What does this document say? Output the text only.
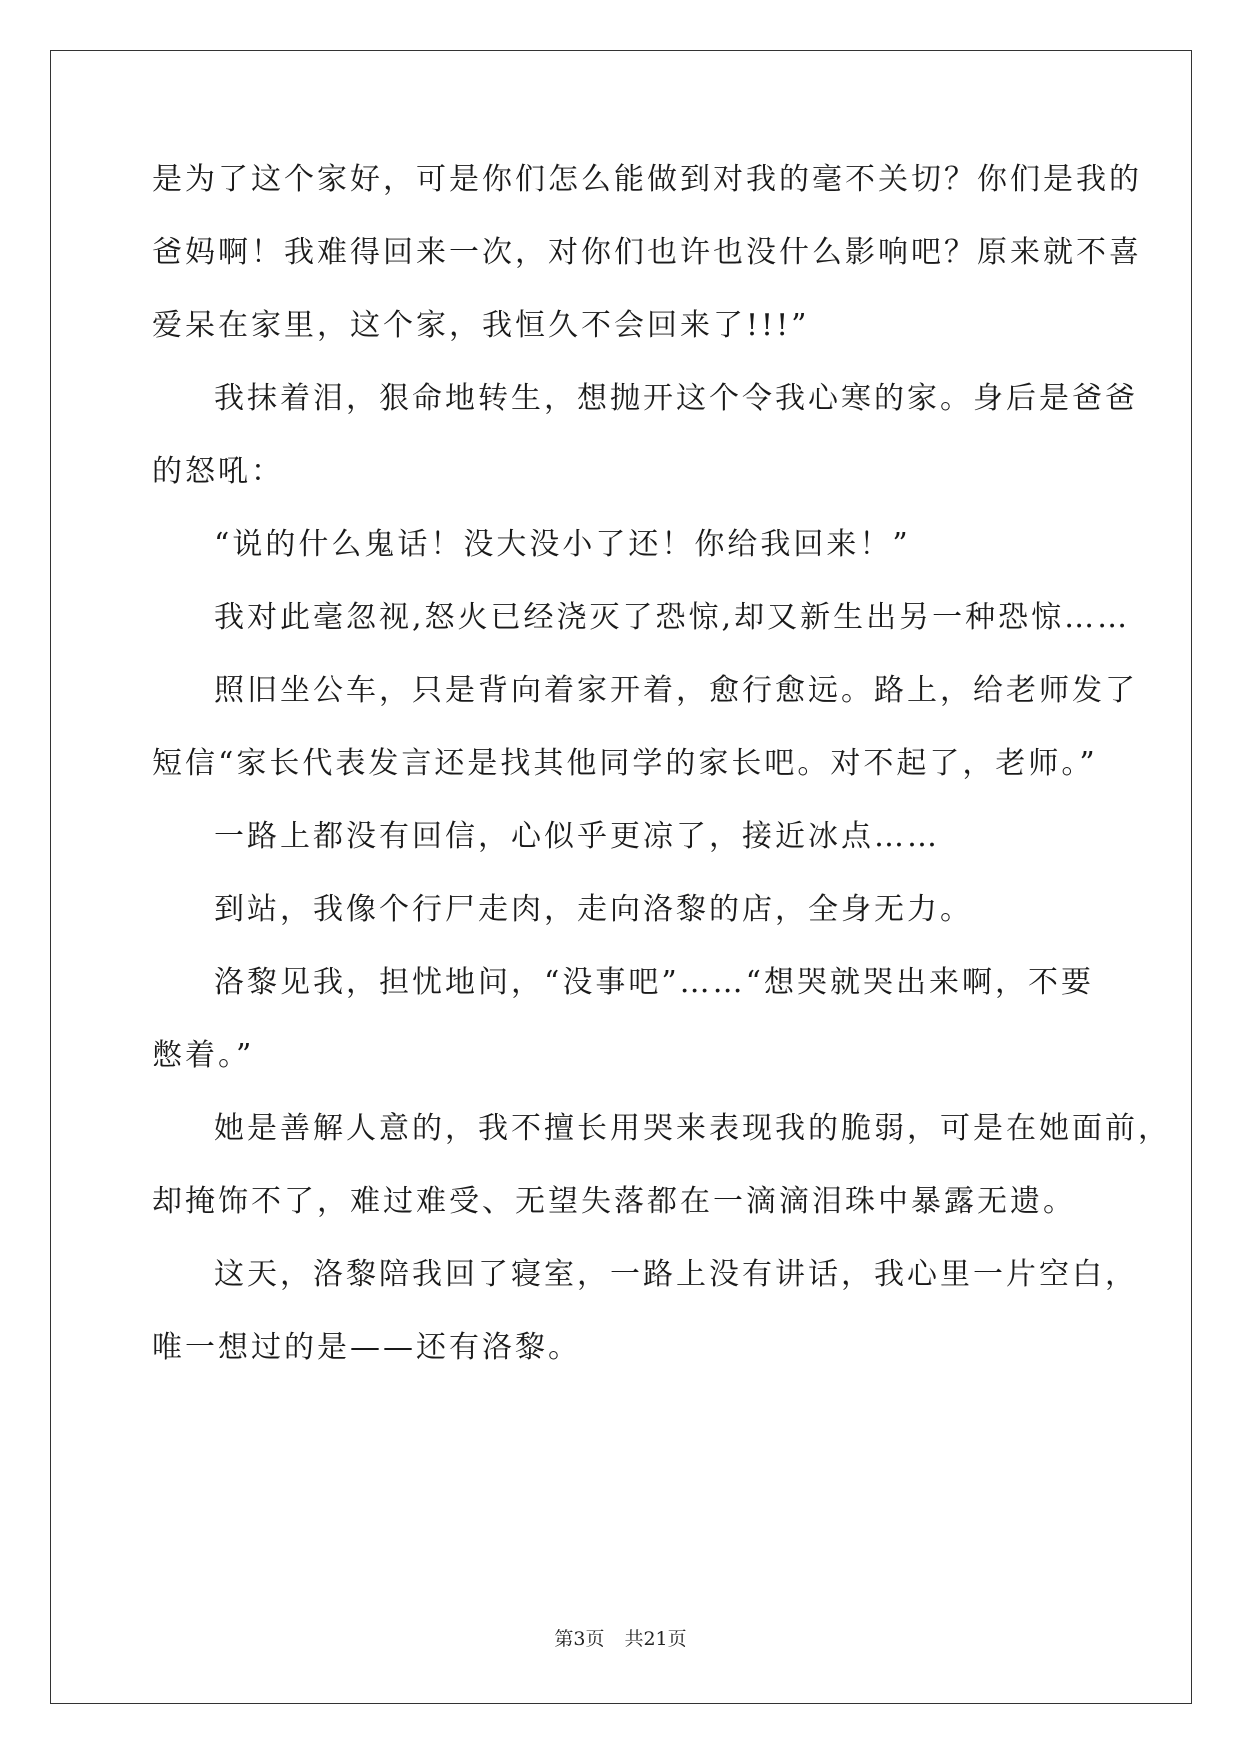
是为了这个家好，可是你们怎么能做到对我的毫不关切？你们是我的
爸妈啊！我难得回来一次，对你们也许也没什么影响吧？原来就不喜
爱呆在家里，这个家，我恒久不会回来了!!!”
我抹着泪，狠命地转生，想抛开这个令我心寒的家。身后是爸爸
的怒吼：
“说的什么鬼话！没大没小了还！你给我回来！”
我对此毫忽视,怒火已经浇灭了恐惊,却又新生出另一种恐惊……
照旧坐公车，只是背向着家开着，愈行愈远。路上，给老师发了
短信“家长代表发言还是找其他同学的家长吧。对不起了，老师。”
一路上都没有回信，心似乎更凉了，接近冰点……
到站，我像个行尸走肉，走向洛黎的店，全身无力。
洛黎见我，担忧地问，“没事吧”……“想哭就哭出来啊，不要
憋着。”
她是善解人意的，我不擅长用哭来表现我的脆弱，可是在她面前，
却掩饰不了，难过难受、无望失落都在一滴滴泪珠中暴露无遗。
这天，洛黎陪我回了寝室，一路上没有讲话，我心里一片空白，
唯一想过的是——还有洛黎。
第3页 共21页
